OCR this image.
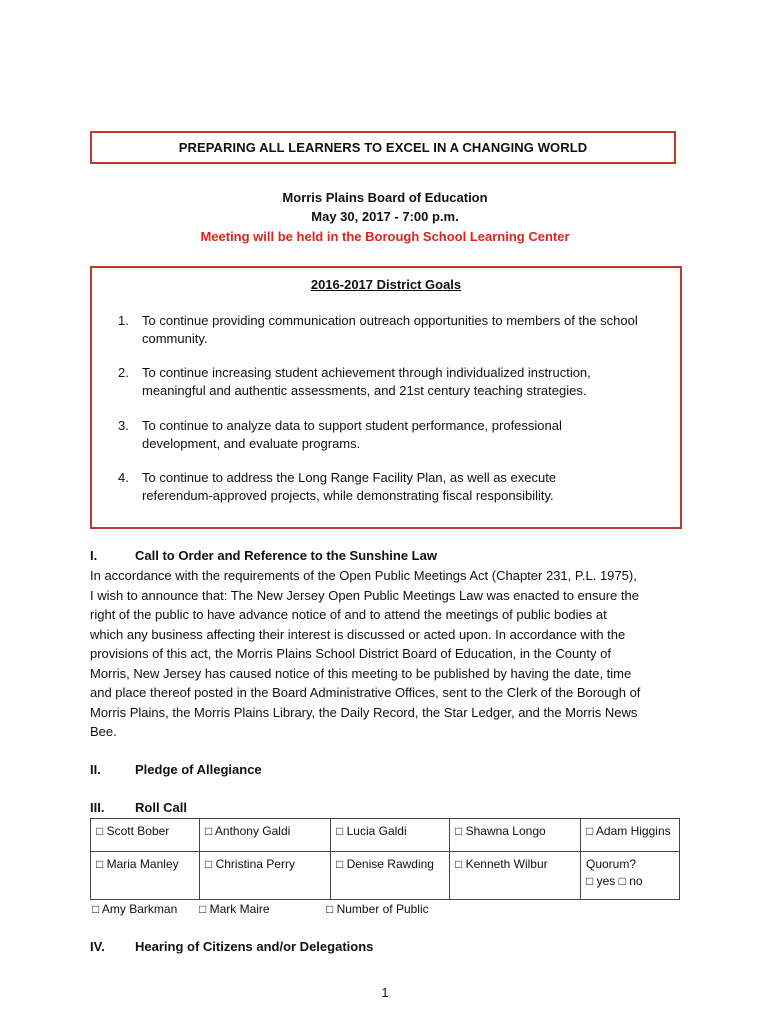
PREPARING ALL LEARNERS TO EXCEL IN A CHANGING WORLD
Morris Plains Board of Education
May 30, 2017 - 7:00 p.m.
Meeting will be held in the Borough School Learning Center
2016-2017 District Goals
1. To continue providing communication outreach opportunities to members of the school
community.
2. To continue increasing student achievement through individualized instruction,
meaningful and authentic assessments, and 21st century teaching strategies.
3. To continue to analyze data to support student performance, professional
development, and evaluate programs.
4. To continue to address the Long Range Facility Plan, as well as execute
referendum-approved projects, while demonstrating fiscal responsibility.
I.	Call to Order and Reference to the Sunshine Law
In accordance with the requirements of the Open Public Meetings Act (Chapter 231, P.L. 1975),
I wish to announce that: The New Jersey Open Public Meetings Law was enacted to ensure the
right of the public to have advance notice of and to attend the meetings of public bodies at
which any business affecting their interest is discussed or acted upon. In accordance with the
provisions of this act, the Morris Plains School District Board of Education, in the County of
Morris, New Jersey has caused notice of this meeting to be published by having the date, time
and place thereof posted in the Board Administrative Offices, sent to the Clerk of the Borough of
Morris Plains, the Morris Plains Library, the Daily Record, the Star Ledger, and the Morris News
Bee.
II.	Pledge of Allegiance
III. Roll Call
□ Scott Bober	□ Anthony Galdi	□ Lucia Galdi	□ Shawna Longo	□ Adam Higgins
□ Maria Manley	□ Christina Perry	□ Denise Rawding	□ Kenneth Wilbur	Quorum?
□ yes □ no
□ Amy Barkman □ Mark Maire	□ Number of Public
IV. Hearing of Citizens and/or Delegations
1
